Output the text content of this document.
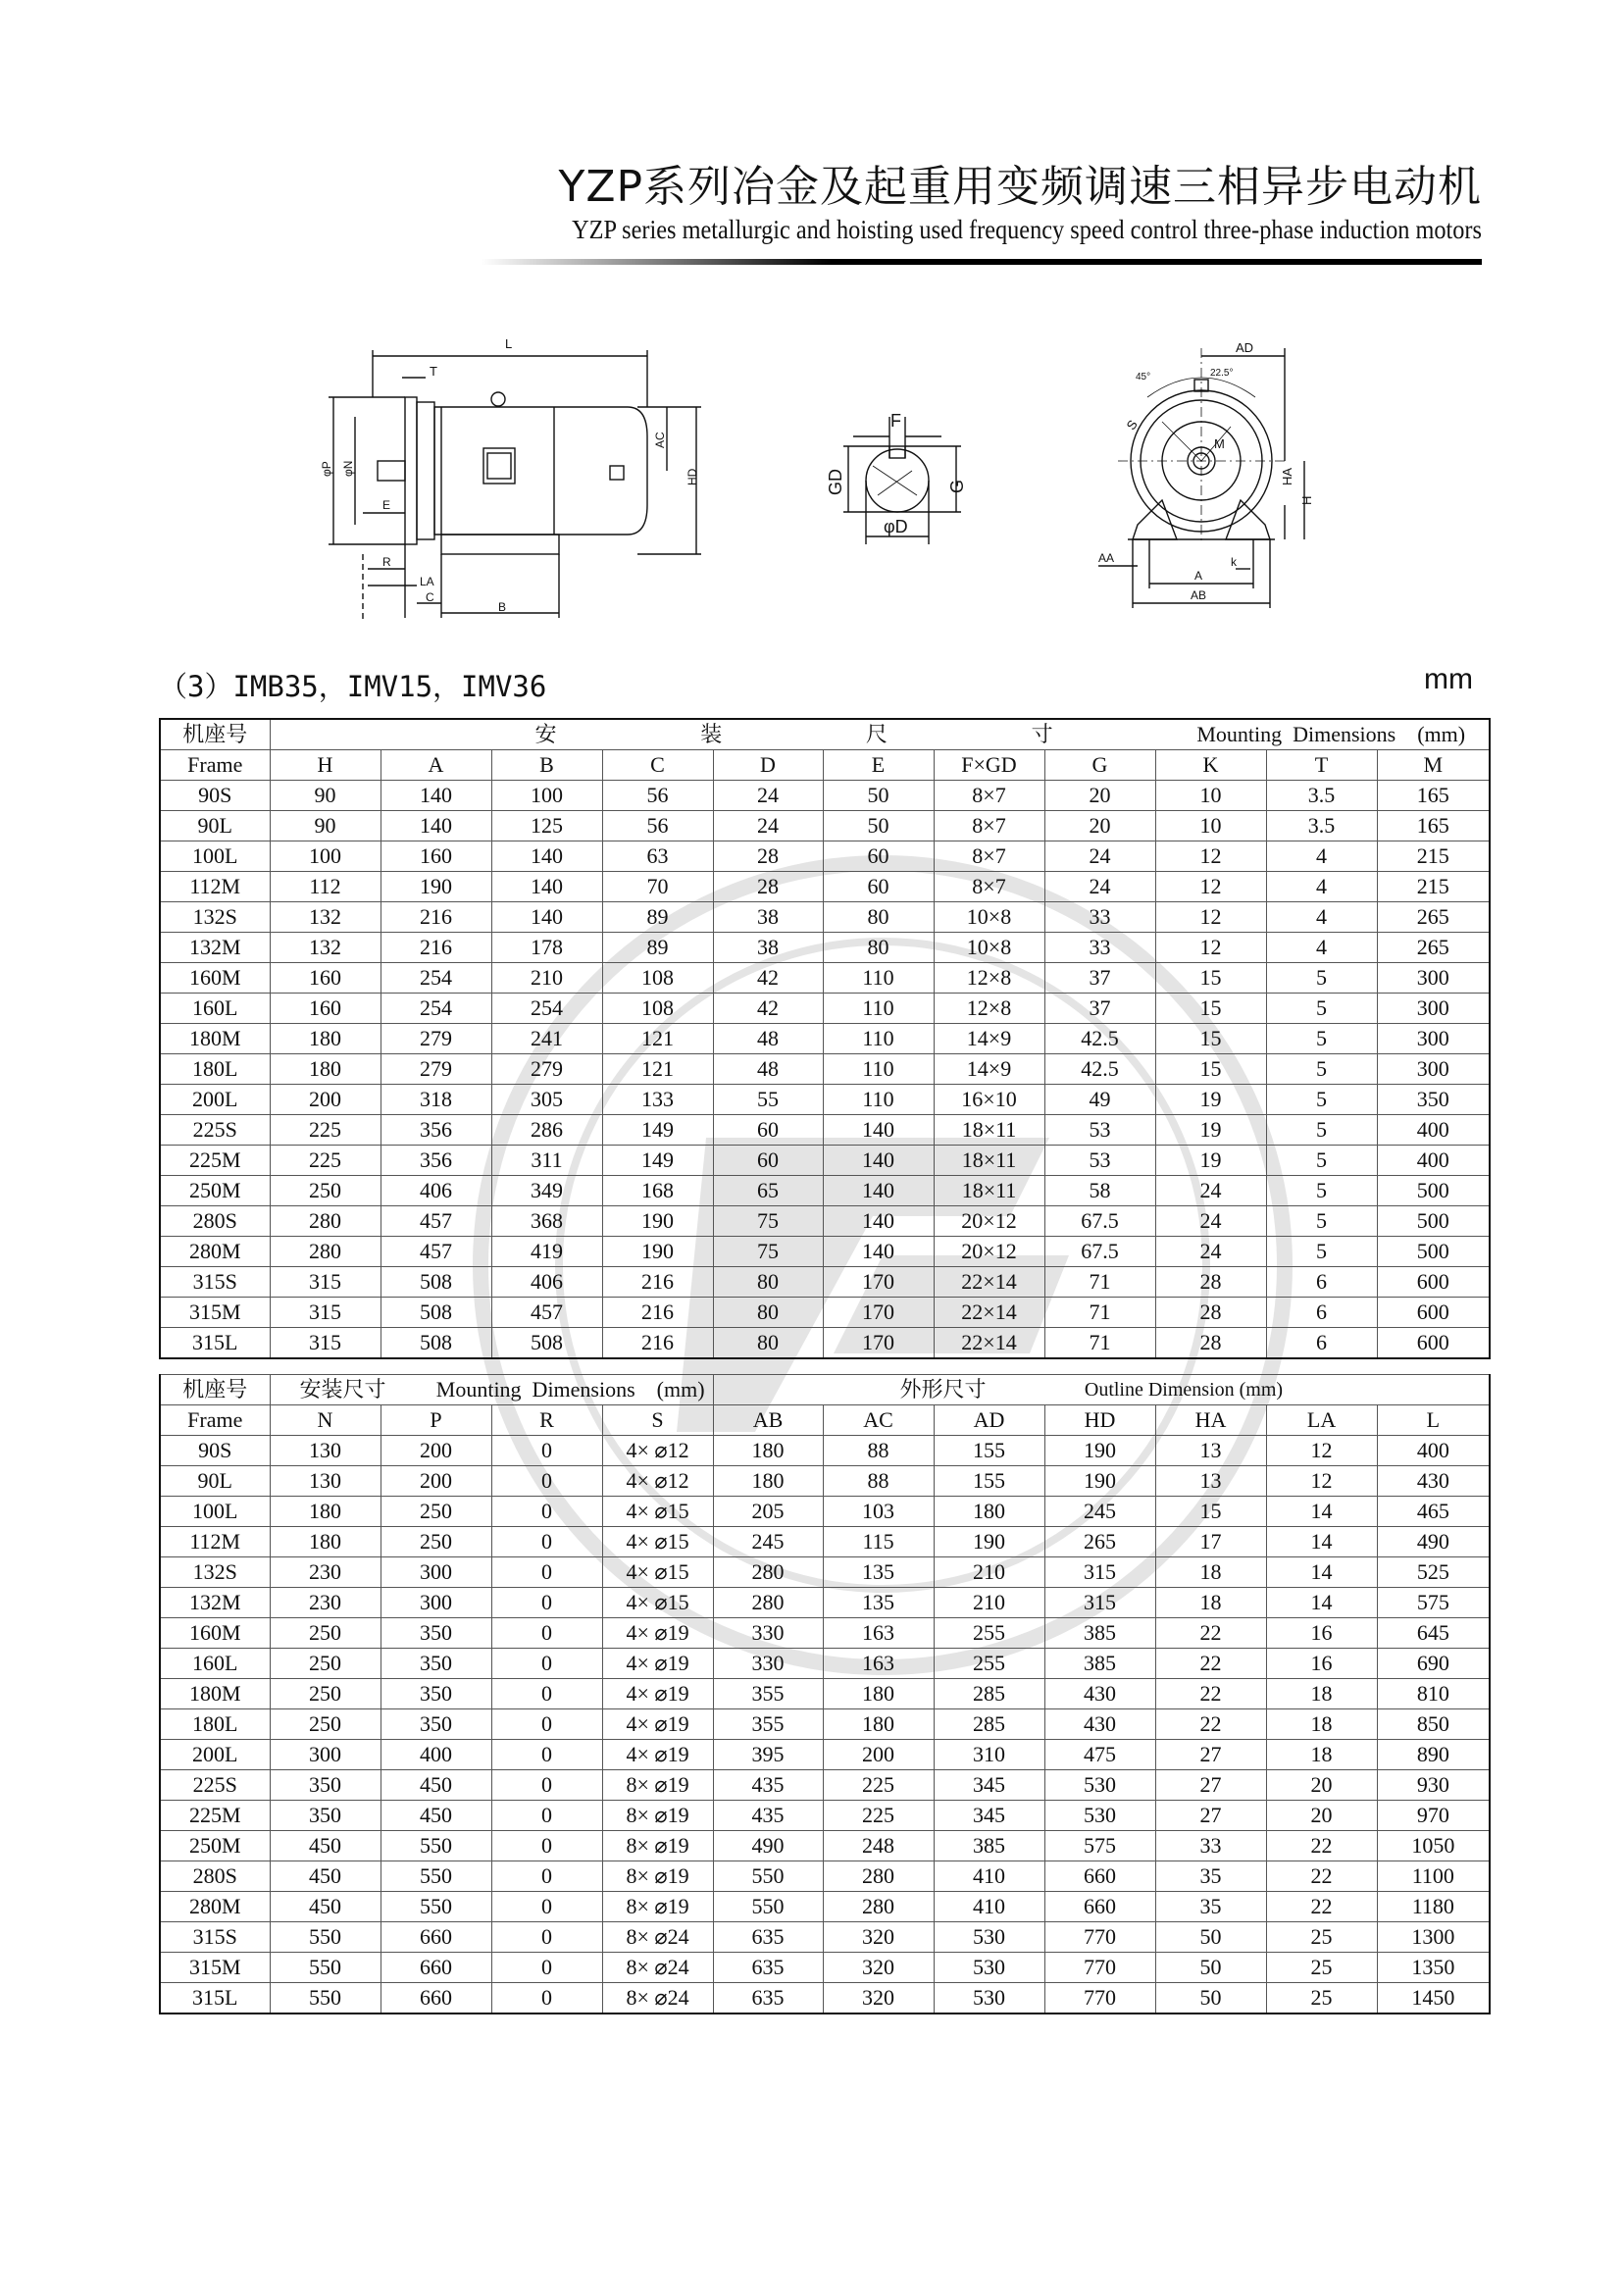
YZP系列冶金及起重用变频调速三相异步电动机
YZP series metallurgic and hoisting used frequency speed control three-phase induction motors
L
T
AC
HD
φP φN
E
R
LA
C
B
F
GD	G
φD
AD
45°	22.5°
S
M
HA
H
AA	k
A
AB
（3）IMB35，IMV15，IMV36	mm
机座号	安 装 尺 寸 Mounting  Dimensions    (mm)										

Frame	H	A	B	C	D	E	F×GD	G	K	T	M
90S	90	140	100	56	24	50	8×7	20	10	3.5	165
90L	90	140	125	56	24	50	8×7	20	10	3.5	165
100L	100	160	140	63	28	60	8×7	24	12	4	215
112M	112	190	140	70	28	60	8×7	24	12	4	215
132S	132	216	140	89	38	80	10×8	33	12	4	265
132M	132	216	178	89	38	80	10×8	33	12	4	265
160M	160	254	210	108	42	110	12×8	37	15	5	300
160L	160	254	254	108	42	110	12×8	37	15	5	300
180M	180	279	241	121	48	110	14×9	42.5	15	5	300
180L	180	279	279	121	48	110	14×9	42.5	15	5	300
200L	200	318	305	133	55	110	16×10	49	19	5	350
225S	225	356	286	149	60	140	18×11	53	19	5	400
225M	225	356	311	149	60	140	18×11	53	19	5	400
250M	250	406	349	168	65	140	18×11	58	24	5	500
280S	280	457	368	190	75	140	20×12	67.5	24	5	500
280M	280	457	419	190	75	140	20×12	67.5	24	5	500
315S	315	508	406	216	80	170	22×14	71	28	6	600
315M	315	508	457	216	80	170	22×14	71	28	6	600
315L	315	508	508	216	80	170	22×14	71	28	6	600
机座号	安装尺寸 Mounting  Dimensions    (mm)				外形尺寸 Outline Dimension (mm)						

Frame	N	P	R	S	AB	AC	AD	HD	HA	LA	L
90S	130	200	0	4× ⌀12	180	88	155	190	13	12	400
90L	130	200	0	4× ⌀12	180	88	155	190	13	12	430
100L	180	250	0	4× ⌀15	205	103	180	245	15	14	465
112M	180	250	0	4× ⌀15	245	115	190	265	17	14	490
132S	230	300	0	4× ⌀15	280	135	210	315	18	14	525
132M	230	300	0	4× ⌀15	280	135	210	315	18	14	575
160M	250	350	0	4× ⌀19	330	163	255	385	22	16	645
160L	250	350	0	4× ⌀19	330	163	255	385	22	16	690
180M	250	350	0	4× ⌀19	355	180	285	430	22	18	810
180L	250	350	0	4× ⌀19	355	180	285	430	22	18	850
200L	300	400	0	4× ⌀19	395	200	310	475	27	18	890
225S	350	450	0	8× ⌀19	435	225	345	530	27	20	930
225M	350	450	0	8× ⌀19	435	225	345	530	27	20	970
250M	450	550	0	8× ⌀19	490	248	385	575	33	22	1050
280S	450	550	0	8× ⌀19	550	280	410	660	35	22	1100
280M	450	550	0	8× ⌀19	550	280	410	660	35	22	1180
315S	550	660	0	8× ⌀24	635	320	530	770	50	25	1300
315M	550	660	0	8× ⌀24	635	320	530	770	50	25	1350
315L	550	660	0	8× ⌀24	635	320	530	770	50	25	1450
